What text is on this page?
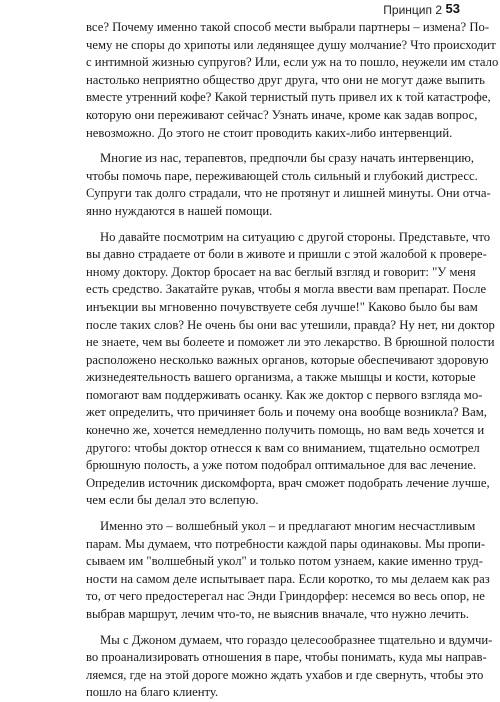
Принцип 2 53

все? Почему именно такой способ мести выбрали партнеры – измена? По-
чему не споры до хрипоты или ледянящее душу молчание? Что происходит
с интимной жизнью супругов? Или, если уж на то пошло, неужели им стало
настолько неприятно общество друг друга, что они не могут даже выпить
вместе утренний кофе? Какой тернистый путь привел их к той катастрофе,
которую они переживают сейчас? Узнать иначе, кроме как задав вопрос,
невозможно. До этого не стоит проводить каких-либо интервенций.

Многие из нас, терапевтов, предпочли бы сразу начать интервенцию,
чтобы помочь паре, переживающей столь сильный и глубокий дистресс.
Супруги так долго страдали, что не протянут и лишней минуты. Они отча-
янно нуждаются в нашей помощи.

Но давайте посмотрим на ситуацию с другой стороны. Представьте, что
вы давно страдаете от боли в животе и пришли с этой жалобой к провере-
нному доктору. Доктор бросает на вас беглый взгляд и говорит: "У меня
есть средство. Закатайте рукав, чтобы я могла ввести вам препарат. После
инъекции вы мгновенно почувствуете себя лучше!" Каково было бы вам
после таких слов? Не очень бы они вас утешили, правда? Ну нет, ни доктор
не знаете, чем вы болеете и поможет ли это лекарство. В брюшной полости
расположено несколько важных органов, которые обеспечивают здоровую
жизнедеятельность вашего организма, а также мышцы и кости, которые
помогают вам поддерживать осанку. Как же доктор с первого взгляда мо-
жет определить, что причиняет боль и почему она вообще возникла? Вам,
конечно же, хочется немедленно получить помощь, но вам ведь хочется и
другого: чтобы доктор отнесся к вам со вниманием, тщательно осмотрел
брюшную полость, а уже потом подобрал оптимальное для вас лечение.
Определив источник дискомфорта, врач сможет подобрать лечение лучше,
чем если бы делал это вслепую.

Именно это – волшебный укол – и предлагают многим несчастливым
парам. Мы думаем, что потребности каждой пары одинаковы. Мы пропи-
сываем им "волшебный укол" и только потом узнаем, какие именно труд-
ности на самом деле испытывает пара. Если коротко, то мы делаем как раз
то, от чего предостерегал нас Энди Гриндорфер: несемся во весь опор, не
выбрав маршрут, лечим что-то, не выяснив вначале, что нужно лечить.

Мы с Джоном думаем, что гораздо целесообразнее тщательно и вдумчи-
во проанализировать отношения в паре, чтобы понимать, куда мы направ-
ляемся, где на этой дороге можно ждать ухабов и где свернуть, чтобы это
пошло на благо клиенту.
